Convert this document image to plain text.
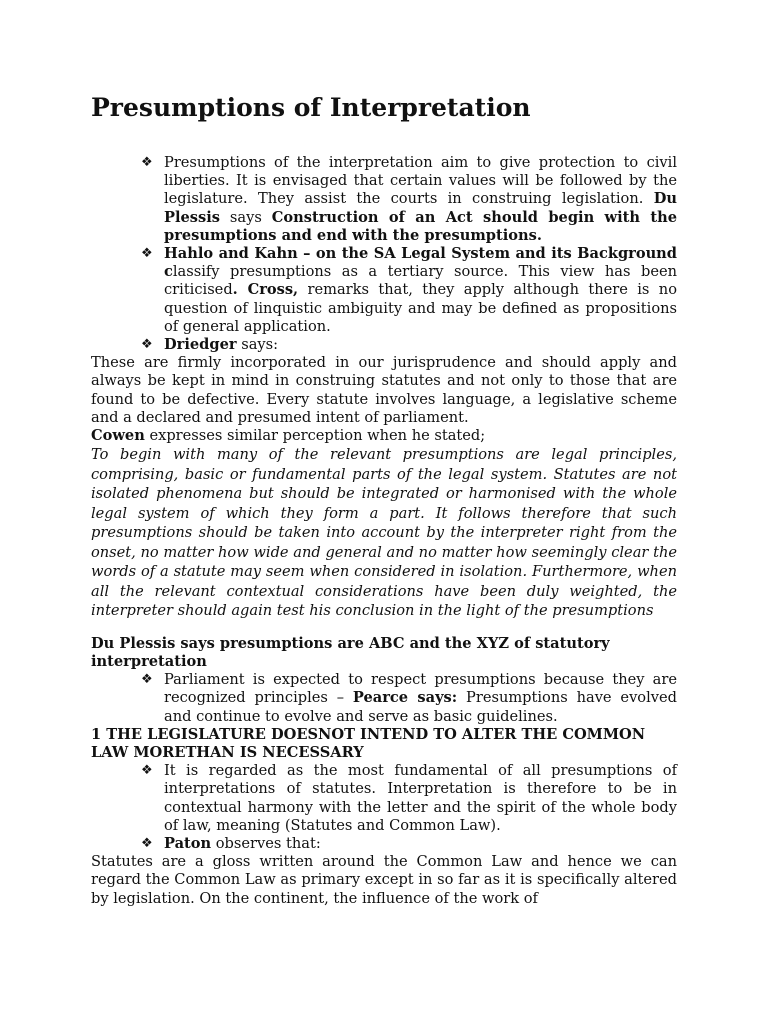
Presumptions of Interpretation
❖ Presumptions of the interpretation aim to give protection to civil liberties. It is envisaged that certain values will be followed by the legislature. They assist the courts in construing legislation. Du Plessis says Construction of an Act should begin with the presumptions and end with the presumptions.
❖ Hahlo and Kahn – on the SA Legal System and its Background classify presumptions as a tertiary source. This view has been criticised. Cross, remarks that, they apply although there is no question of linquistic ambiguity and may be defined as propositions of general application.
❖ Driedger says:

These are firmly incorporated in our jurisprudence and should apply and always be kept in mind in construing statutes and not only to those that are found to be defective. Every statute involves language, a legislative scheme and a declared and presumed intent of parliament.

Cowen expresses similar perception when he stated;

To begin with many of the relevant presumptions are legal principles, comprising, basic or fundamental parts of the legal system. Statutes are not isolated phenomena but should be integrated or harmonised with the whole legal system of which they form a part. It follows therefore that such presumptions should be taken into account by the interpreter right from the onset, no matter how wide and general and no matter how seemingly clear the words of a statute may seem when considered in isolation. Furthermore, when all the relevant contextual considerations have been duly weighted, the interpreter should again test his conclusion in the light of the presumptions

Du Plessis says presumptions are ABC and the XYZ of statutory interpretation

❖ Parliament is expected to respect presumptions because they are recognized principles – Pearce says: Presumptions have evolved and continue to evolve and serve as basic guidelines.

1 THE LEGISLATURE DOESNOT INTEND TO ALTER THE COMMON LAW MORETHAN IS NECESSARY

❖ It is regarded as the most fundamental of all presumptions of interpretations of statutes. Interpretation is therefore to be in contextual harmony with the letter and the spirit of the whole body of law, meaning (Statutes and Common Law).
❖ Paton observes that:

Statutes are a gloss written around the Common Law and hence we can regard the Common Law as primary except in so far as it is specifically altered by legislation. On the continent, the influence of the work of
